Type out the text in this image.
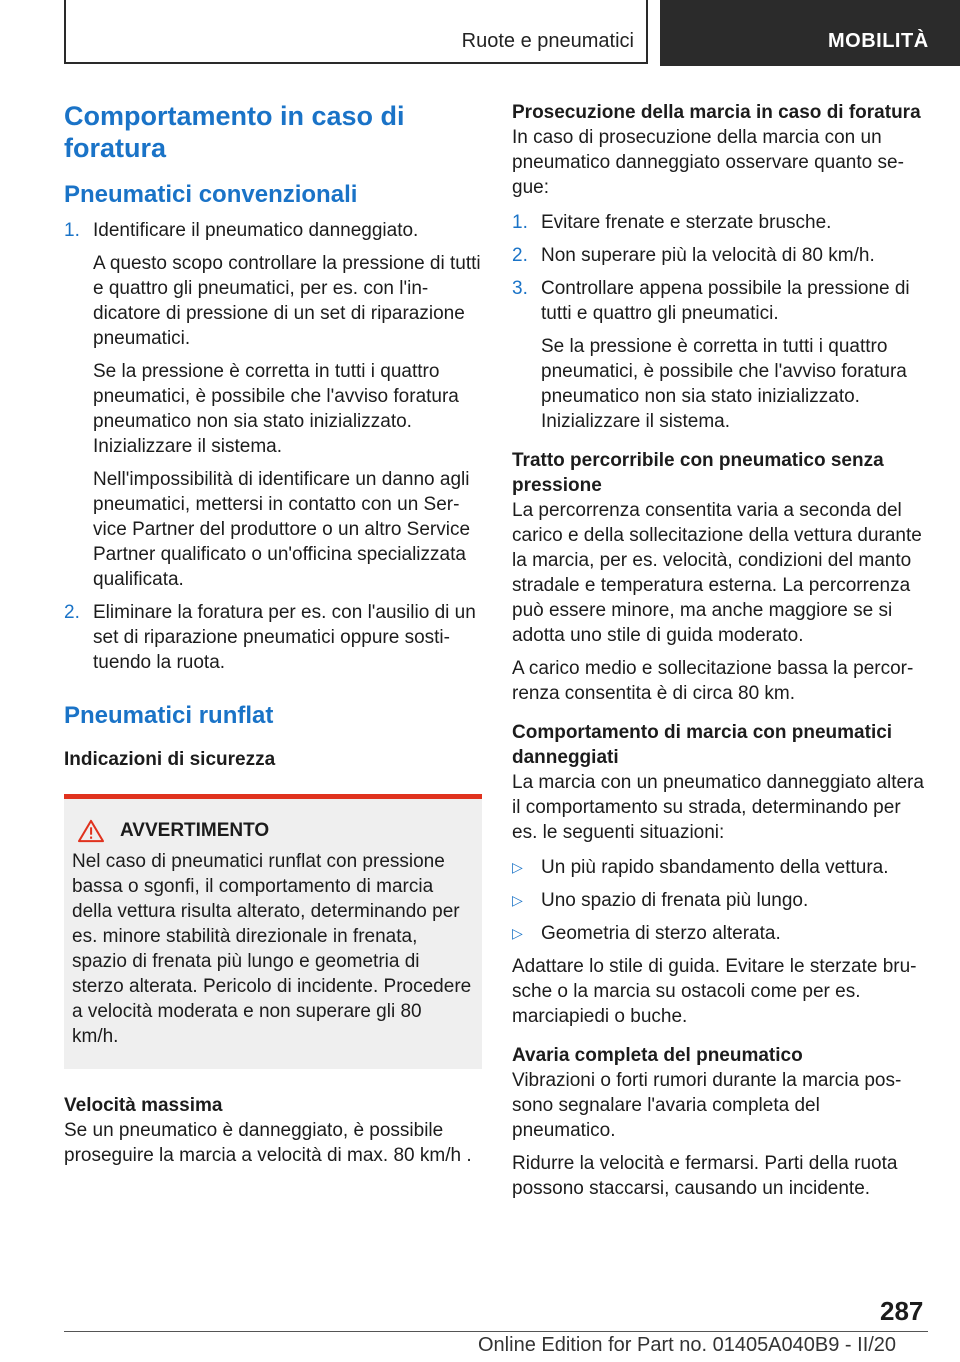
Ruote e pneumatici	MOBILITÀ
Comportamento in caso di foratura
Pneumatici convenzionali
1. Identificare il pneumatico danneggiato.
A questo scopo controllare la pressione di tutti e quattro gli pneumatici, per es. con l'indicatore di pressione di un set di riparazione pneumatici.
Se la pressione è corretta in tutti i quattro pneumatici, è possibile che l'avviso foratura pneumatico non sia stato inizializzato. Inizializzare il sistema.
Nell'impossibilità di identificare un danno agli pneumatici, mettersi in contatto con un Service Partner del produttore o un altro Service Partner qualificato o un'officina specializzata qualificata.
2. Eliminare la foratura per es. con l'ausilio di un set di riparazione pneumatici oppure sostituendo la ruota.
Pneumatici runflat
Indicazioni di sicurezza
AVVERTIMENTO

Nel caso di pneumatici runflat con pressione bassa o sgonfi, il comportamento di marcia della vettura risulta alterato, determinando per es. minore stabilità direzionale in frenata, spazio di frenata più lungo e geometria di sterzo alterata. Pericolo di incidente. Procedere a velocità moderata e non superare gli 80 km/h.

Velocità massima

Se un pneumatico è danneggiato, è possibile proseguire la marcia a velocità di max. 80 km/h .

Prosecuzione della marcia in caso di foratura

In caso di prosecuzione della marcia con un pneumatico danneggiato osservare quanto segue:

1. Evitare frenate e sterzate brusche.
2. Non superare più la velocità di 80 km/h.
3. Controllare appena possibile la pressione di tutti e quattro gli pneumatici.
Se la pressione è corretta in tutti i quattro pneumatici, è possibile che l'avviso foratura pneumatico non sia stato inizializzato. Inizializzare il sistema.
Tratto percorribile con pneumatico senza pressione

La percorrenza consentita varia a seconda del carico e della sollecitazione della vettura durante la marcia, per es. velocità, condizioni del manto stradale e temperatura esterna. La percorrenza può essere minore, ma anche maggiore se si adotta uno stile di guida moderato.

A carico medio e sollecitazione bassa la percorrenza consentita è di circa 80 km.

Comportamento di marcia con pneumatici danneggiati

La marcia con un pneumatico danneggiato altera il comportamento su strada, determinando per es. le seguenti situazioni:

▷ Un più rapido sbandamento della vettura.
▷ Uno spazio di frenata più lungo.
▷ Geometria di sterzo alterata.

Adattare lo stile di guida. Evitare le sterzate brusche o la marcia su ostacoli come per es. marciapiedi o buche.

Avaria completa del pneumatico

Vibrazioni o forti rumori durante la marcia possono segnalare l'avaria completa del pneumatico.

Ridurre la velocità e fermarsi. Parti della ruota possono staccarsi, causando un incidente.

287
Online Edition for Part no. 01405A040B9 - II/20
